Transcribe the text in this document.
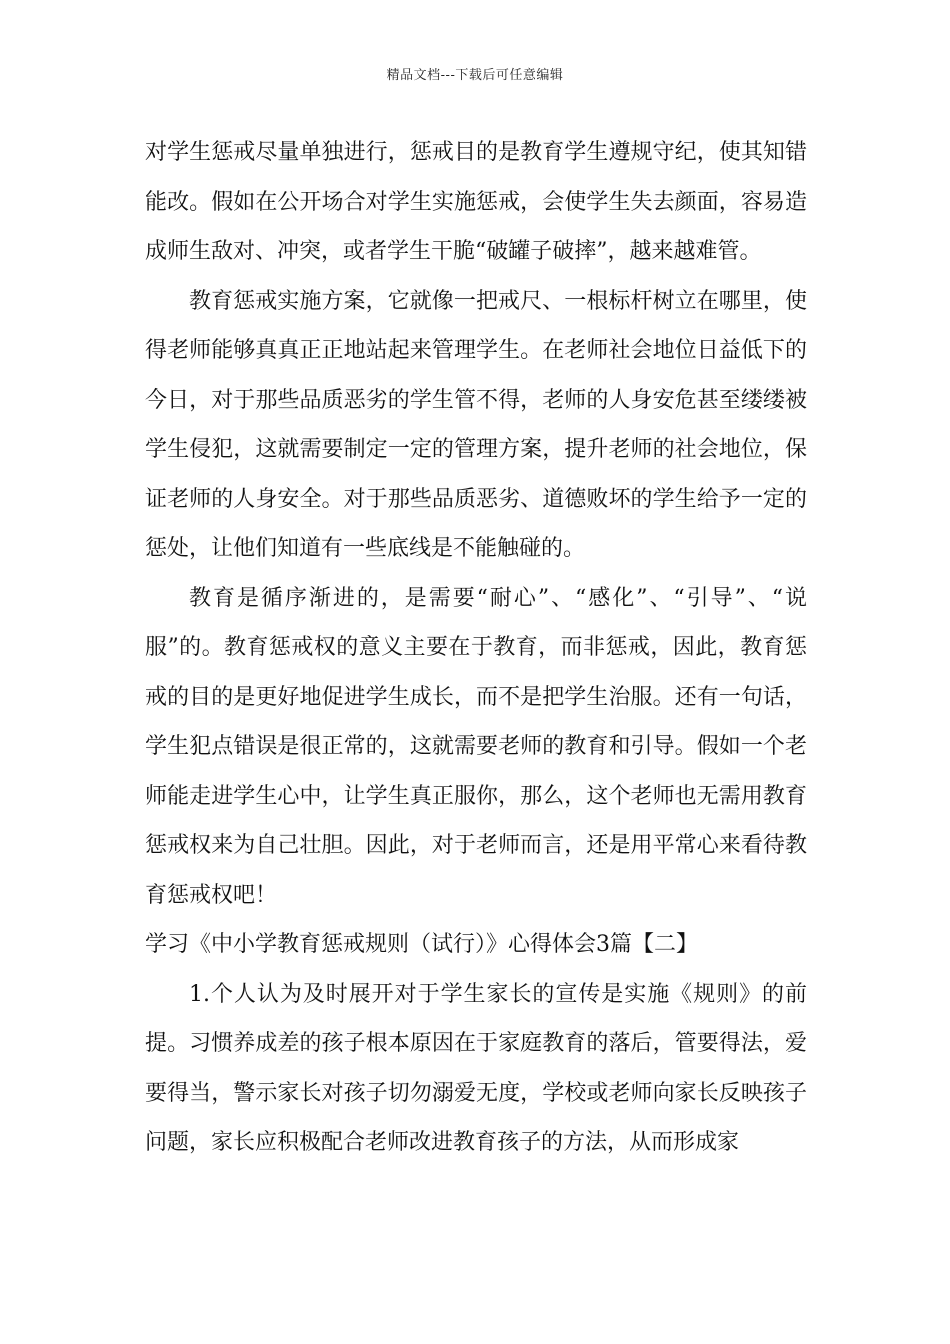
精品文档---下载后可任意编辑

对学生惩戒尽量单独进行，惩戒目的是教育学生遵规守纪，使其知错能改。假如在公开场合对学生实施惩戒，会使学生失去颜面，容易造成师生敌对、冲突，或者学生干脆“破罐子破摔”，越来越难管。

教育惩戒实施方案，它就像一把戒尺、一根标杆树立在哪里，使得老师能够真真正正地站起来管理学生。在老师社会地位日益低下的今日，对于那些品质恶劣的学生管不得，老师的人身安危甚至缕缕被学生侵犯，这就需要制定一定的管理方案，提升老师的社会地位，保证老师的人身安全。对于那些品质恶劣、道德败坏的学生给予一定的惩处，让他们知道有一些底线是不能触碰的。

教育是循序渐进的，是需要“耐心”、“感化”、“引导”、“说服”的。教育惩戒权的意义主要在于教育，而非惩戒，因此，教育惩戒的目的是更好地促进学生成长，而不是把学生治服。还有一句话，学生犯点错误是很正常的，这就需要老师的教育和引导。假如一个老师能走进学生心中，让学生真正服你，那么，这个老师也无需用教育惩戒权来为自己壮胆。因此，对于老师而言，还是用平常心来看待教育惩戒权吧！

学习《中小学教育惩戒规则（试行）》心得体会3篇【二】

1.个人认为及时展开对于学生家长的宣传是实施《规则》的前提。习惯养成差的孩子根本原因在于家庭教育的落后，管要得法，爱要得当，警示家长对孩子切勿溺爱无度，学校或老师向家长反映孩子问题，家长应积极配合老师改进教育孩子的方法，从而形成家
